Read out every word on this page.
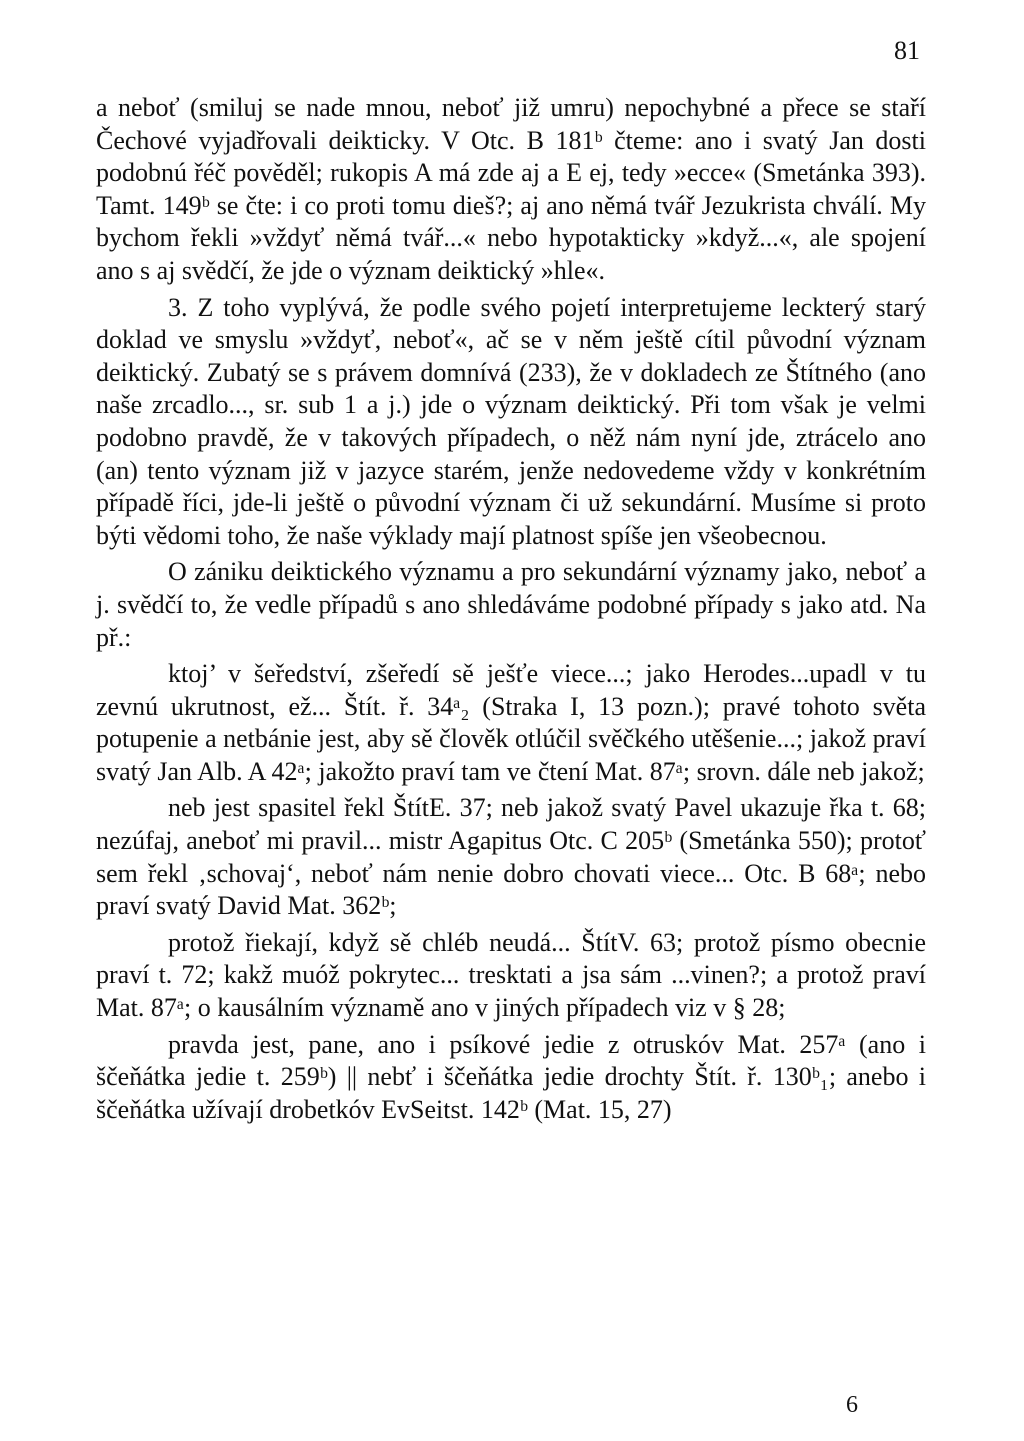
81

a neboť (smiluj se nade mnou, neboť již umru) nepochybné a přece se staří Čechové vyjadřovali deikticky. V Otc. B 181ᵇ čteme: ano i svatý Jan dosti podobnú řéč pověděl; rukopis A má zde aj a E ej, tedy »ecce« (Smetánka 393). Tamt. 149ᵇ se čte: i co proti tomu dieš?; aj ano němá tvář Jezukrista chválí. My bychom řekli »vždyť němá tvář...« nebo hypotakticky »když...«, ale spojení ano s aj svědčí, že jde o význam deiktický »hle«.

3. Z toho vyplývá, že podle svého pojetí interpretujeme leckterý starý doklad ve smyslu »vždyť, neboť«, ač se v něm ještě cítil původní význam deiktický. Zubatý se s právem domnívá (233), že v dokladech ze Štítného (ano naše zrcadlo..., sr. sub 1 a j.) jde o význam deiktický. Při tom však je velmi podobno pravdě, že v takových případech, o něž nám nyní jde, ztrácelo ano (an) tento význam již v jazyce starém, jenže nedovedeme vždy v konkrétním případě říci, jde-li ještě o původní význam či už sekundární. Musíme si proto býti vědomi toho, že naše výklady mají platnost spíše jen všeobecnou.

O zániku deiktického významu a pro sekundární významy jako, neboť a j. svědčí to, že vedle případů s ano shledáváme podobné případy s jako atd. Na př.:

ktoj’ v šeředství, zšeředí sě ješťe viece...; jako Herodes...upadl v tu zevnú ukrutnost, ež... Štít. ř. 34ᵃ₂ (Straka I, 13 pozn.); pravé tohoto světa potupenie a netbánie jest, aby sě člověk otlúčil svěčkého utěšenie...; jakož praví svatý Jan Alb. A 42ᵃ; jakožto praví tam ve čtení Mat. 87ᵃ; srovn. dále neb jakož;

neb jest spasitel řekl ŠtítE. 37; neb jakož svatý Pavel ukazuje řka t. 68; nezúfaj, aneboť mi pravil... mistr Agapitus Otc. C 205ᵇ (Smetánka 550); protoť sem řekl ‚schovaj‘, neboť nám nenie dobro chovati viece... Otc. B 68ᵃ; nebo praví svatý David Mat. 362ᵇ;

protož řiekají, když sě chléb neudá... ŠtítV. 63; protož písmo obecnie praví t. 72; kakž muóž pokrytec... tresktati a jsa sám ...vinen?; a protož praví Mat. 87ᵃ; o kausálním významě ano v jiných případech viz v § 28;

pravda jest, pane, ano i psíkové jedie z otruskóv Mat. 257ᵃ (ano i ščeňátka jedie t. 259ᵇ) || nebť i ščeňátka jedie drochty Štít. ř. 130ᵇ₁; anebo i ščeňátka užívají drobetkóv EvSeitst. 142ᵇ (Mat. 15, 27)

6
